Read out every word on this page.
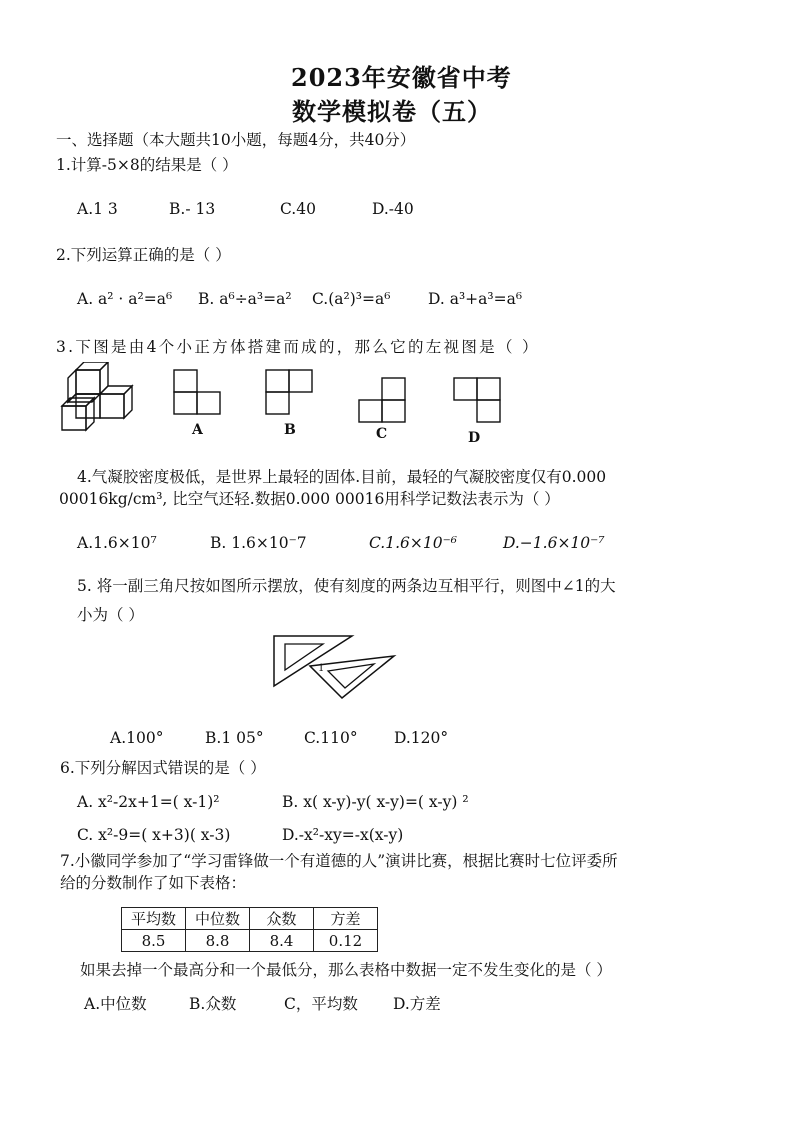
2023年安徽省中考
数学模拟卷（五）
一、选择题（本大题共10小题，每题4分，共40分）
1.计算-5×8的结果是（ ）
A.1 3	B.- 13	C.40	D.-40
2.下列运算正确的是（ ）
A. a² · a²=a⁶ B. a⁶÷a³=a² C.(a²)³=a⁶ D. a³+a³=a⁶
3.下图是由4个小正方体搭建而成的，那么它的左视图是（ ）
A	B	C	D
4.气凝胶密度极低，是世界上最轻的固体.目前，最轻的气凝胶密度仅有0.000
00016kg/cm³, 比空气还轻.数据0.000 00016用科学记数法表示为（ ）
A.1.6×10⁷	B. 1.6×10⁻7	C.1.6×10⁻⁶	D.−1.6×10⁻⁷
5. 将一副三角尺按如图所示摆放，使有刻度的两条边互相平行，则图中∠1的大
小为（ ）
1
A.100°	B.1 05°	C.110° D.120°
6.下列分解因式错误的是（ ）
A. x²-2x+1=( x-1)²	B. x( x-y)-y( x-y)=( x-y) ²
C. x²-9=( x+3)( x-3)	D.-x²-xy=-x(x-y)
7.小徽同学参加了“学习雷锋做一个有道德的人”演讲比赛，根据比赛时七位评委所
给的分数制作了如下表格：
平均数	中位数	众数	方差
8.5	8.8	8.4	0.12
如果去掉一个最高分和一个最低分，那么表格中数据一定不发生变化的是（ ）
A.中位数	B.众数	C，平均数 D.方差
